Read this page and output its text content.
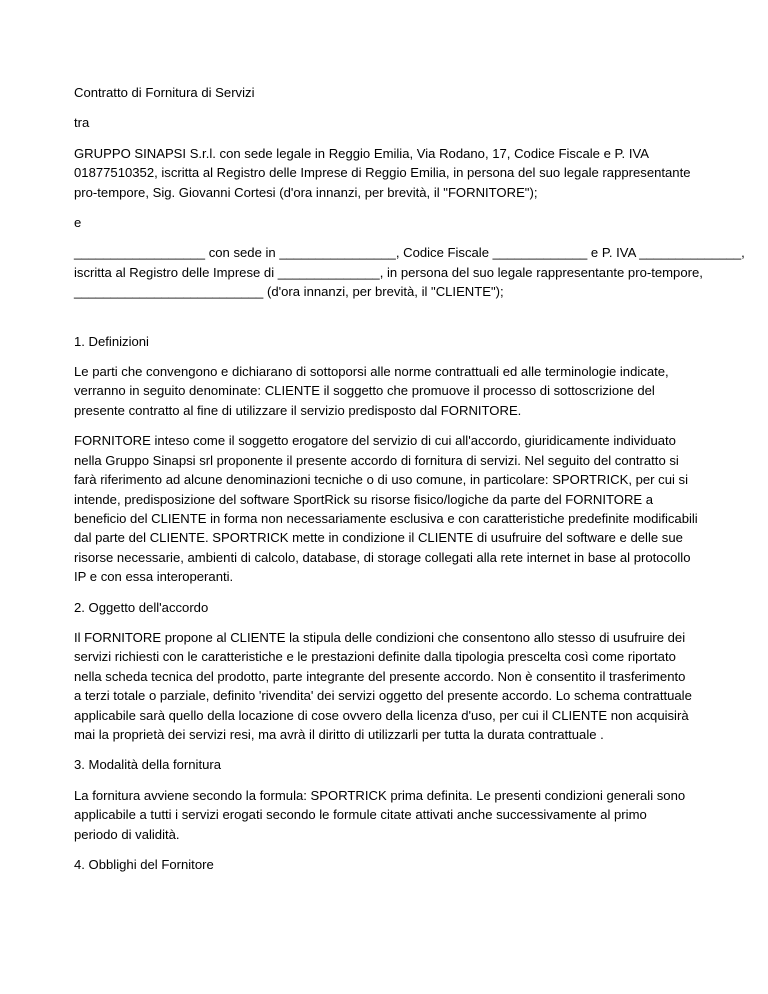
Contratto di Fornitura di Servizi

tra

GRUPPO SINAPSI S.r.l. con sede legale in Reggio Emilia, Via Rodano, 17, Codice Fiscale e P. IVA
01877510352, iscritta al Registro delle Imprese di Reggio Emilia, in persona del suo legale rappresentante
pro-tempore, Sig. Giovanni Cortesi (d'ora innanzi, per brevità, il "FORNITORE");

e

__________________ con sede in ________________, Codice Fiscale _____________ e P. IVA ______________,
iscritta al Registro delle Imprese di ______________, in persona del suo legale rappresentante pro-tempore,
__________________________ (d'ora innanzi, per brevità, il "CLIENTE");

1. Definizioni

Le parti che convengono e dichiarano di sottoporsi alle norme contrattuali ed alle terminologie indicate,
verranno in seguito denominate: CLIENTE il soggetto che promuove il processo di sottoscrizione del
presente contratto al fine di utilizzare il servizio predisposto dal FORNITORE.

FORNITORE inteso come il soggetto erogatore del servizio di cui all'accordo, giuridicamente individuato
nella Gruppo Sinapsi srl proponente il presente accordo di fornitura di servizi. Nel seguito del contratto si
farà riferimento ad alcune denominazioni tecniche o di uso comune, in particolare: SPORTRICK, per cui si
intende, predisposizione del software SportRick su risorse fisico/logiche da parte del FORNITORE a
beneficio del CLIENTE in forma non necessariamente esclusiva e con caratteristiche predefinite modificabili
dal parte del CLIENTE. SPORTRICK mette in condizione il CLIENTE di usufruire del software e delle sue
risorse necessarie, ambienti di calcolo, database, di storage collegati alla rete internet in base al protocollo
IP e con essa interoperanti.

2. Oggetto dell'accordo

Il FORNITORE propone al CLIENTE la stipula delle condizioni che consentono allo stesso di usufruire dei
servizi richiesti con le caratteristiche e le prestazioni definite dalla tipologia prescelta così come riportato
nella scheda tecnica del prodotto, parte integrante del presente accordo. Non è consentito il trasferimento
a terzi totale o parziale, definito 'rivendita' dei servizi oggetto del presente accordo. Lo schema contrattuale
applicabile sarà quello della locazione di cose ovvero della licenza d'uso, per cui il CLIENTE non acquisirà
mai la proprietà dei servizi resi, ma avrà il diritto di utilizzarli per tutta la durata contrattuale .

3. Modalità della fornitura

La fornitura avviene secondo la formula: SPORTRICK prima definita. Le presenti condizioni generali sono
applicabile a tutti i servizi erogati secondo le formule citate attivati anche successivamente al primo
periodo di validità.

4. Obblighi del Fornitore
